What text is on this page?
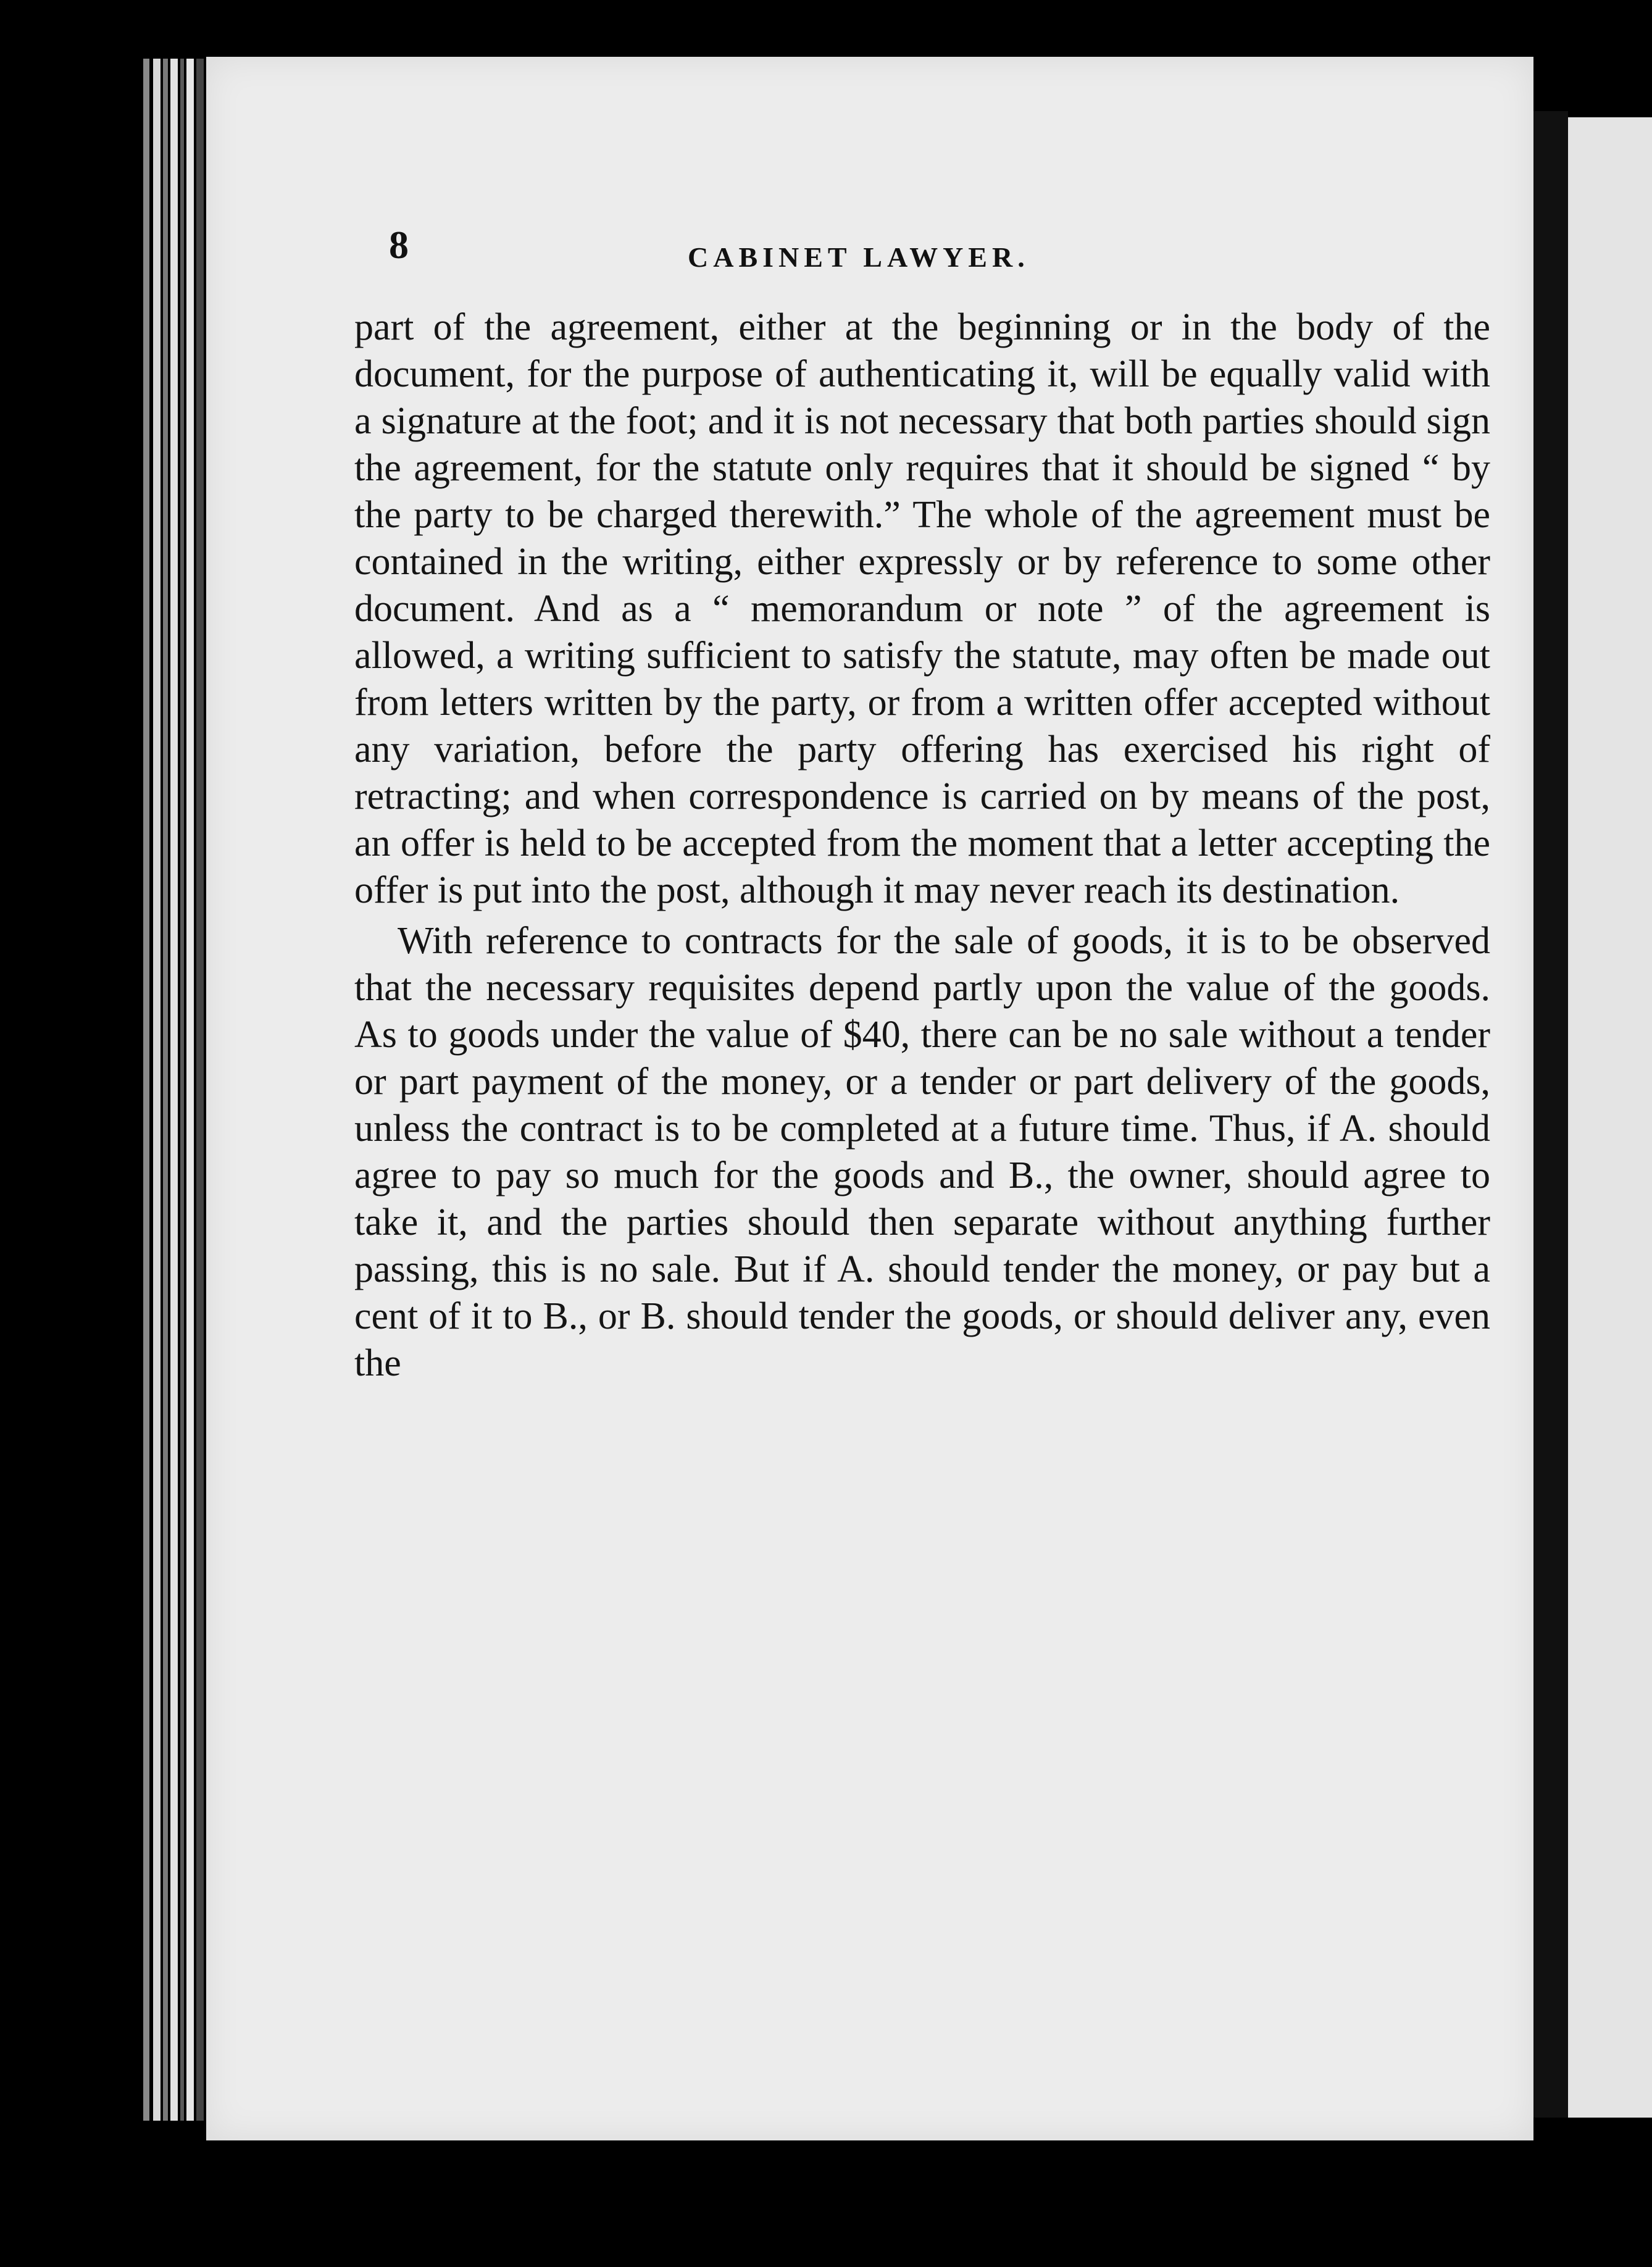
8	CABINET LAWYER.

part of the agreement, either at the beginning or in the body of the document, for the purpose of authenticating it, will be equally valid with a signature at the foot; and it is not necessary that both parties should sign the agreement, for the statute only requires that it should be signed “ by the party to be charged therewith.” The whole of the agreement must be contained in the writing, either expressly or by reference to some other document. And as a “ memorandum or note ” of the agreement is allowed, a writing sufficient to satisfy the statute, may often be made out from letters written by the party, or from a written offer accepted without any variation, before the party offering has exercised his right of retracting; and when correspondence is carried on by means of the post, an offer is held to be accepted from the moment that a letter accepting the offer is put into the post, although it may never reach its destination.

With reference to contracts for the sale of goods, it is to be observed that the necessary requisites depend partly upon the value of the goods. As to goods under the value of $40, there can be no sale without a tender or part payment of the money, or a tender or part delivery of the goods, unless the contract is to be completed at a future time. Thus, if A. should agree to pay so much for the goods and B., the owner, should agree to take it, and the parties should then separate without anything further passing, this is no sale. But if A. should tender the money, or pay but a cent of it to B., or B. should tender the goods, or should deliver any, even the
